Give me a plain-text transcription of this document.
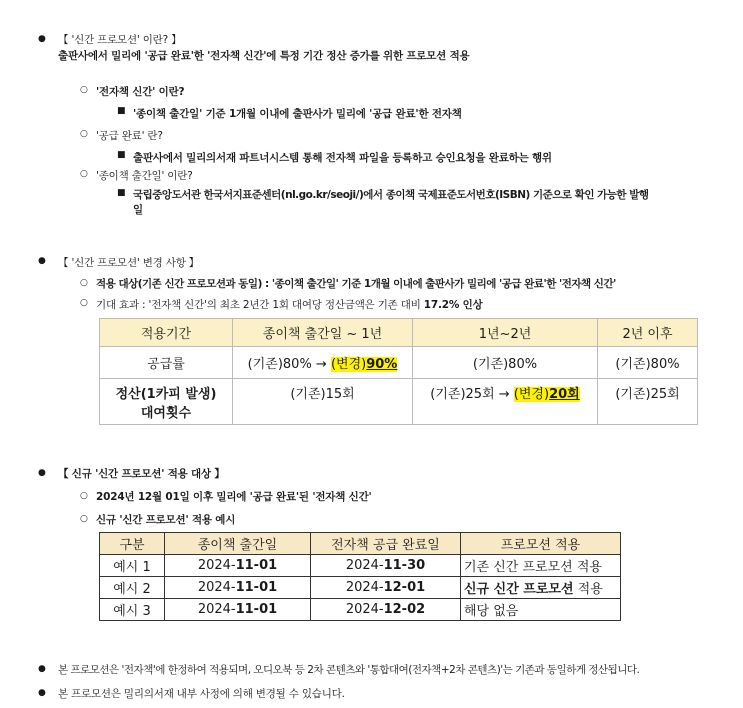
●
【 '신간 프로모션' 이란? 】
출판사에서 밀리에 '공급 완료'한 '전자책 신간'에 특정 기간 정산 증가를 위한 프로모션 적용
○
'전자책 신간' 이란?
■
'종이책 출간일' 기준 1개월 이내에 출판사가 밀리에 '공급 완료'한 전자책
○
'공급 완료' 란?
■
출판사에서 밀리의서재 파트너시스템 통해 전자책 파일을 등록하고 승인요청을 완료하는 행위
○
'종이책 출간일' 이란?
■
국립중앙도서관 한국서지표준센터(nl.go.kr/seoji/)에서 종이책 국제표준도서번호(ISBN) 기준으로 확인 가능한 발행
일
●
【 '신간 프로모션' 변경 사항 】
○
적용 대상(기존 신간 프로모션과 동일) : '종이책 출간일' 기준 1개월 이내에 출판사가 밀리에 '공급 완료'한 '전자책 신간'
○
기대 효과 : '전자책 신간'의 최초 2년간 1회 대여당 정산금액은 기존 대비 17.2% 인상
적용기간	종이책 출간일 ~ 1년	1년~2년	2년 이후
공급률	(기존)80% → (변경)90%	(기존)80%	(기존)80%
정산(1카피 발생)
대여횟수	(기존)15회	(기존)25회 → (변경)20회	(기존)25회
●
【 신규 '신간 프로모션' 적용 대상 】
○
2024년 12월 01일 이후 밀리에 '공급 완료'된 '전자책 신간'
○
신규 '신간 프로모션' 적용 예시
구분	종이책 출간일	전자책 공급 완료일	프로모션 적용
예시 1	2024-11-01	2024-11-30	기존 신간 프로모션 적용
예시 2	2024-11-01	2024-12-01	신규 신간 프로모션 적용
예시 3	2024-11-01	2024-12-02	해당 없음
●
본 프로모션은 '전자책'에 한정하여 적용되며, 오디오북 등 2차 콘텐츠와 '통합대여(전자책+2차 콘텐츠)'는 기존과 동일하게 정산됩니다.
●
본 프로모션은 밀리의서재 내부 사정에 의해 변경될 수 있습니다.
